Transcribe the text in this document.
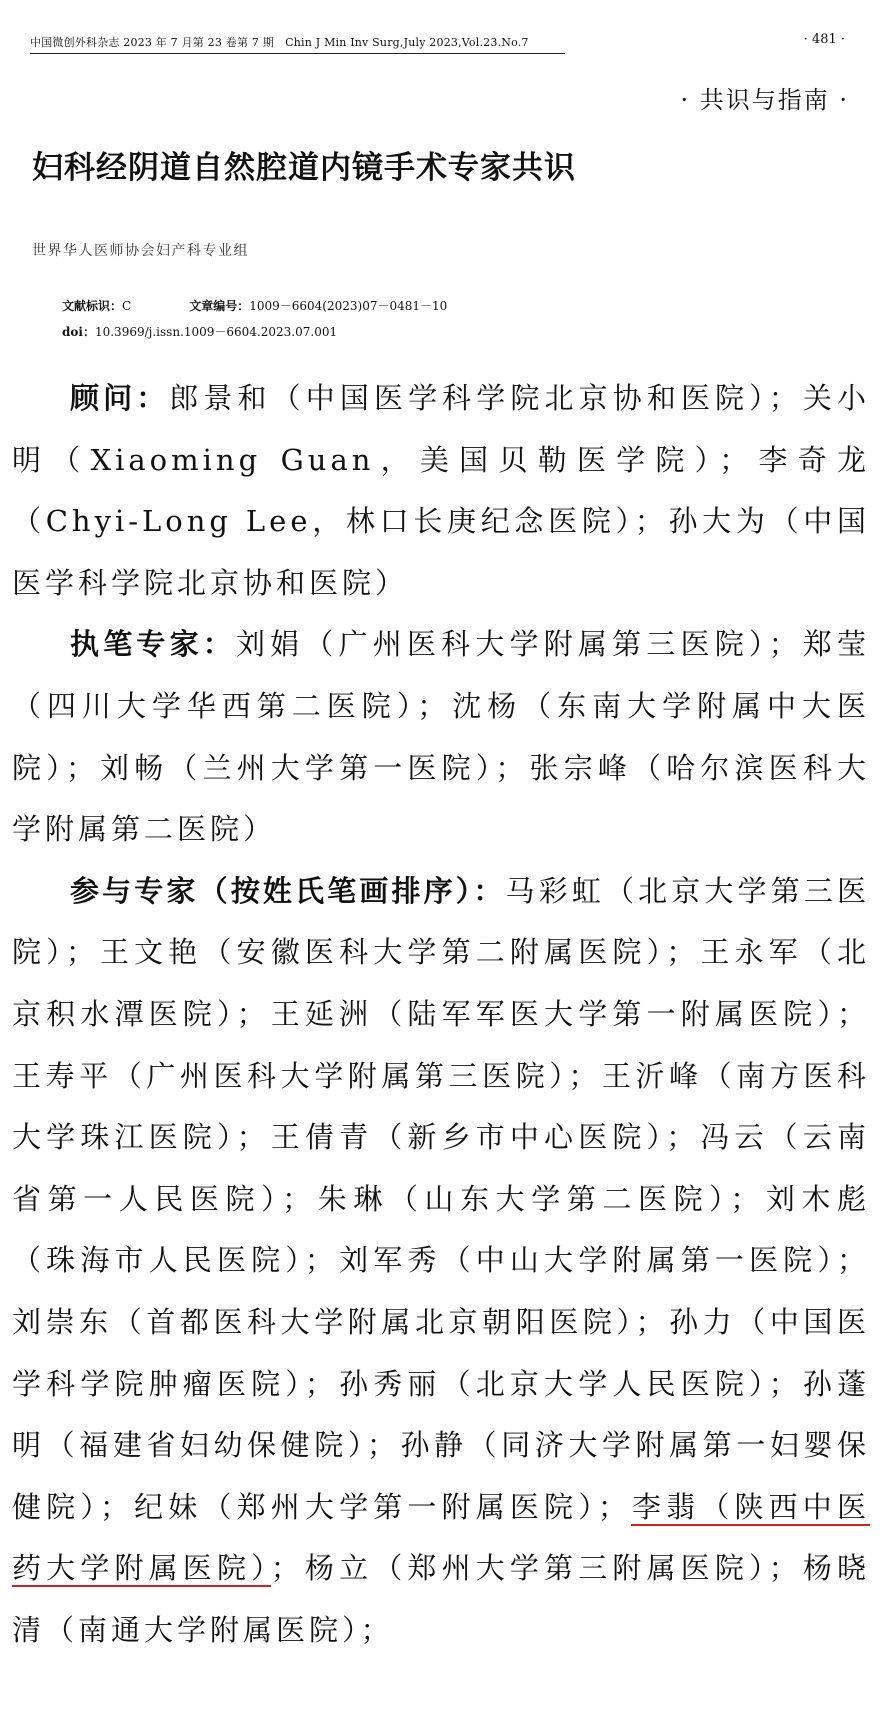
中国微创外科杂志 2023 年 7 月第 23 卷第 7 期　Chin J Min Inv Surg,July 2023,Vol.23.No.7	· 481 ·
· 共识与指南 ·
妇科经阴道自然腔道内镜手术专家共识
世界华人医师协会妇产科专业组
文献标识：C	文章编号：1009－6604(2023)07－0481－10
doi：10.3969/j.issn.1009－6604.2023.07.001

顾问：郎景和（中国医学科学院北京协和医院）；关小明（Xiaoming Guan，美国贝勒医学院）；李奇龙（Chyi-Long Lee，林口长庚纪念医院）；孙大为（中国医学科学院北京协和医院）

执笔专家：刘娟（广州医科大学附属第三医院）；郑莹（四川大学华西第二医院）；沈杨（东南大学附属中大医院）；刘畅（兰州大学第一医院）；张宗峰（哈尔滨医科大学附属第二医院）

参与专家（按姓氏笔画排序）：马彩虹（北京大学第三医院）；王文艳（安徽医科大学第二附属医院）；王永军（北京积水潭医院）；王延洲（陆军军医大学第一附属医院）；王寿平（广州医科大学附属第三医院）；王沂峰（南方医科大学珠江医院）；王倩青（新乡市中心医院）；冯云（云南省第一人民医院）；朱琳（山东大学第二医院）；刘木彪（珠海市人民医院）；刘军秀（中山大学附属第一医院）；刘崇东（首都医科大学附属北京朝阳医院）；孙力（中国医学科学院肿瘤医院）；孙秀丽（北京大学人民医院）；孙蓬明（福建省妇幼保健院）；孙静（同济大学附属第一妇婴保健院）；纪妹（郑州大学第一附属医院）；李翡（陕西中医药大学附属医院）；杨立（郑州大学第三附属医院）；杨晓清（南通大学附属医院）；
